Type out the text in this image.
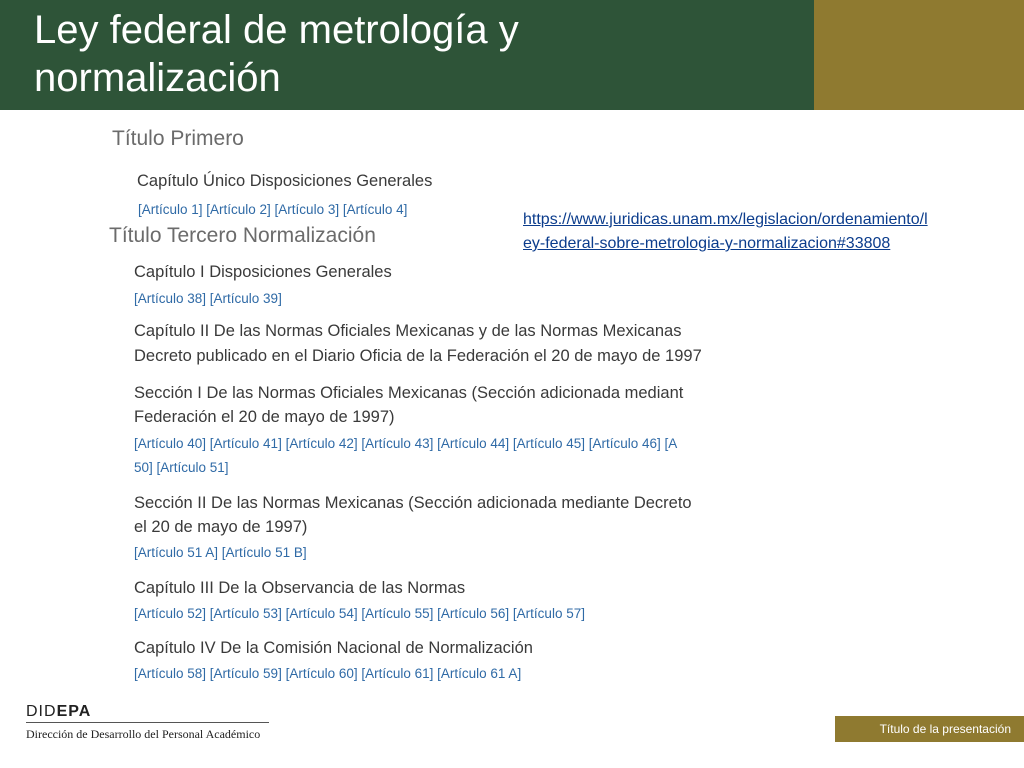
Ley federal de metrología y
normalización
Título Primero
Capítulo Único Disposiciones Generales

[Artículo 1] [Artículo 2] [Artículo 3] [Artículo 4]

Título Tercero Normalización
Capítulo I Disposiciones Generales

[Artículo 38] [Artículo 39]

Capítulo II De las Normas Oficiales Mexicanas y de las Normas Mexicanas
Decreto publicado en el Diario Oficia de la Federación el 20 de mayo de 1997
Sección I De las Normas Oficiales Mexicanas (Sección adicionada mediant
Federación el 20 de mayo de 1997)

[Artículo 40] [Artículo 41] [Artículo 42] [Artículo 43] [Artículo 44] [Artículo 45] [Artículo 46] [A

50] [Artículo 51]

Sección II De las Normas Mexicanas (Sección adicionada mediante Decreto
el 20 de mayo de 1997)

[Artículo 51 A] [Artículo 51 B]

Capítulo III De la Observancia de las Normas

[Artículo 52] [Artículo 53] [Artículo 54] [Artículo 55] [Artículo 56] [Artículo 57]

Capítulo IV De la Comisión Nacional de Normalización

[Artículo 58] [Artículo 59] [Artículo 60] [Artículo 61] [Artículo 61 A]

https://www.juridicas.unam.mx/legislacion/ordenamiento/l
ey-federal-sobre-metrologia-y-normalizacion#33808
DIDEPA
Dirección de Desarrollo del Personal Académico	Título de la presentación
